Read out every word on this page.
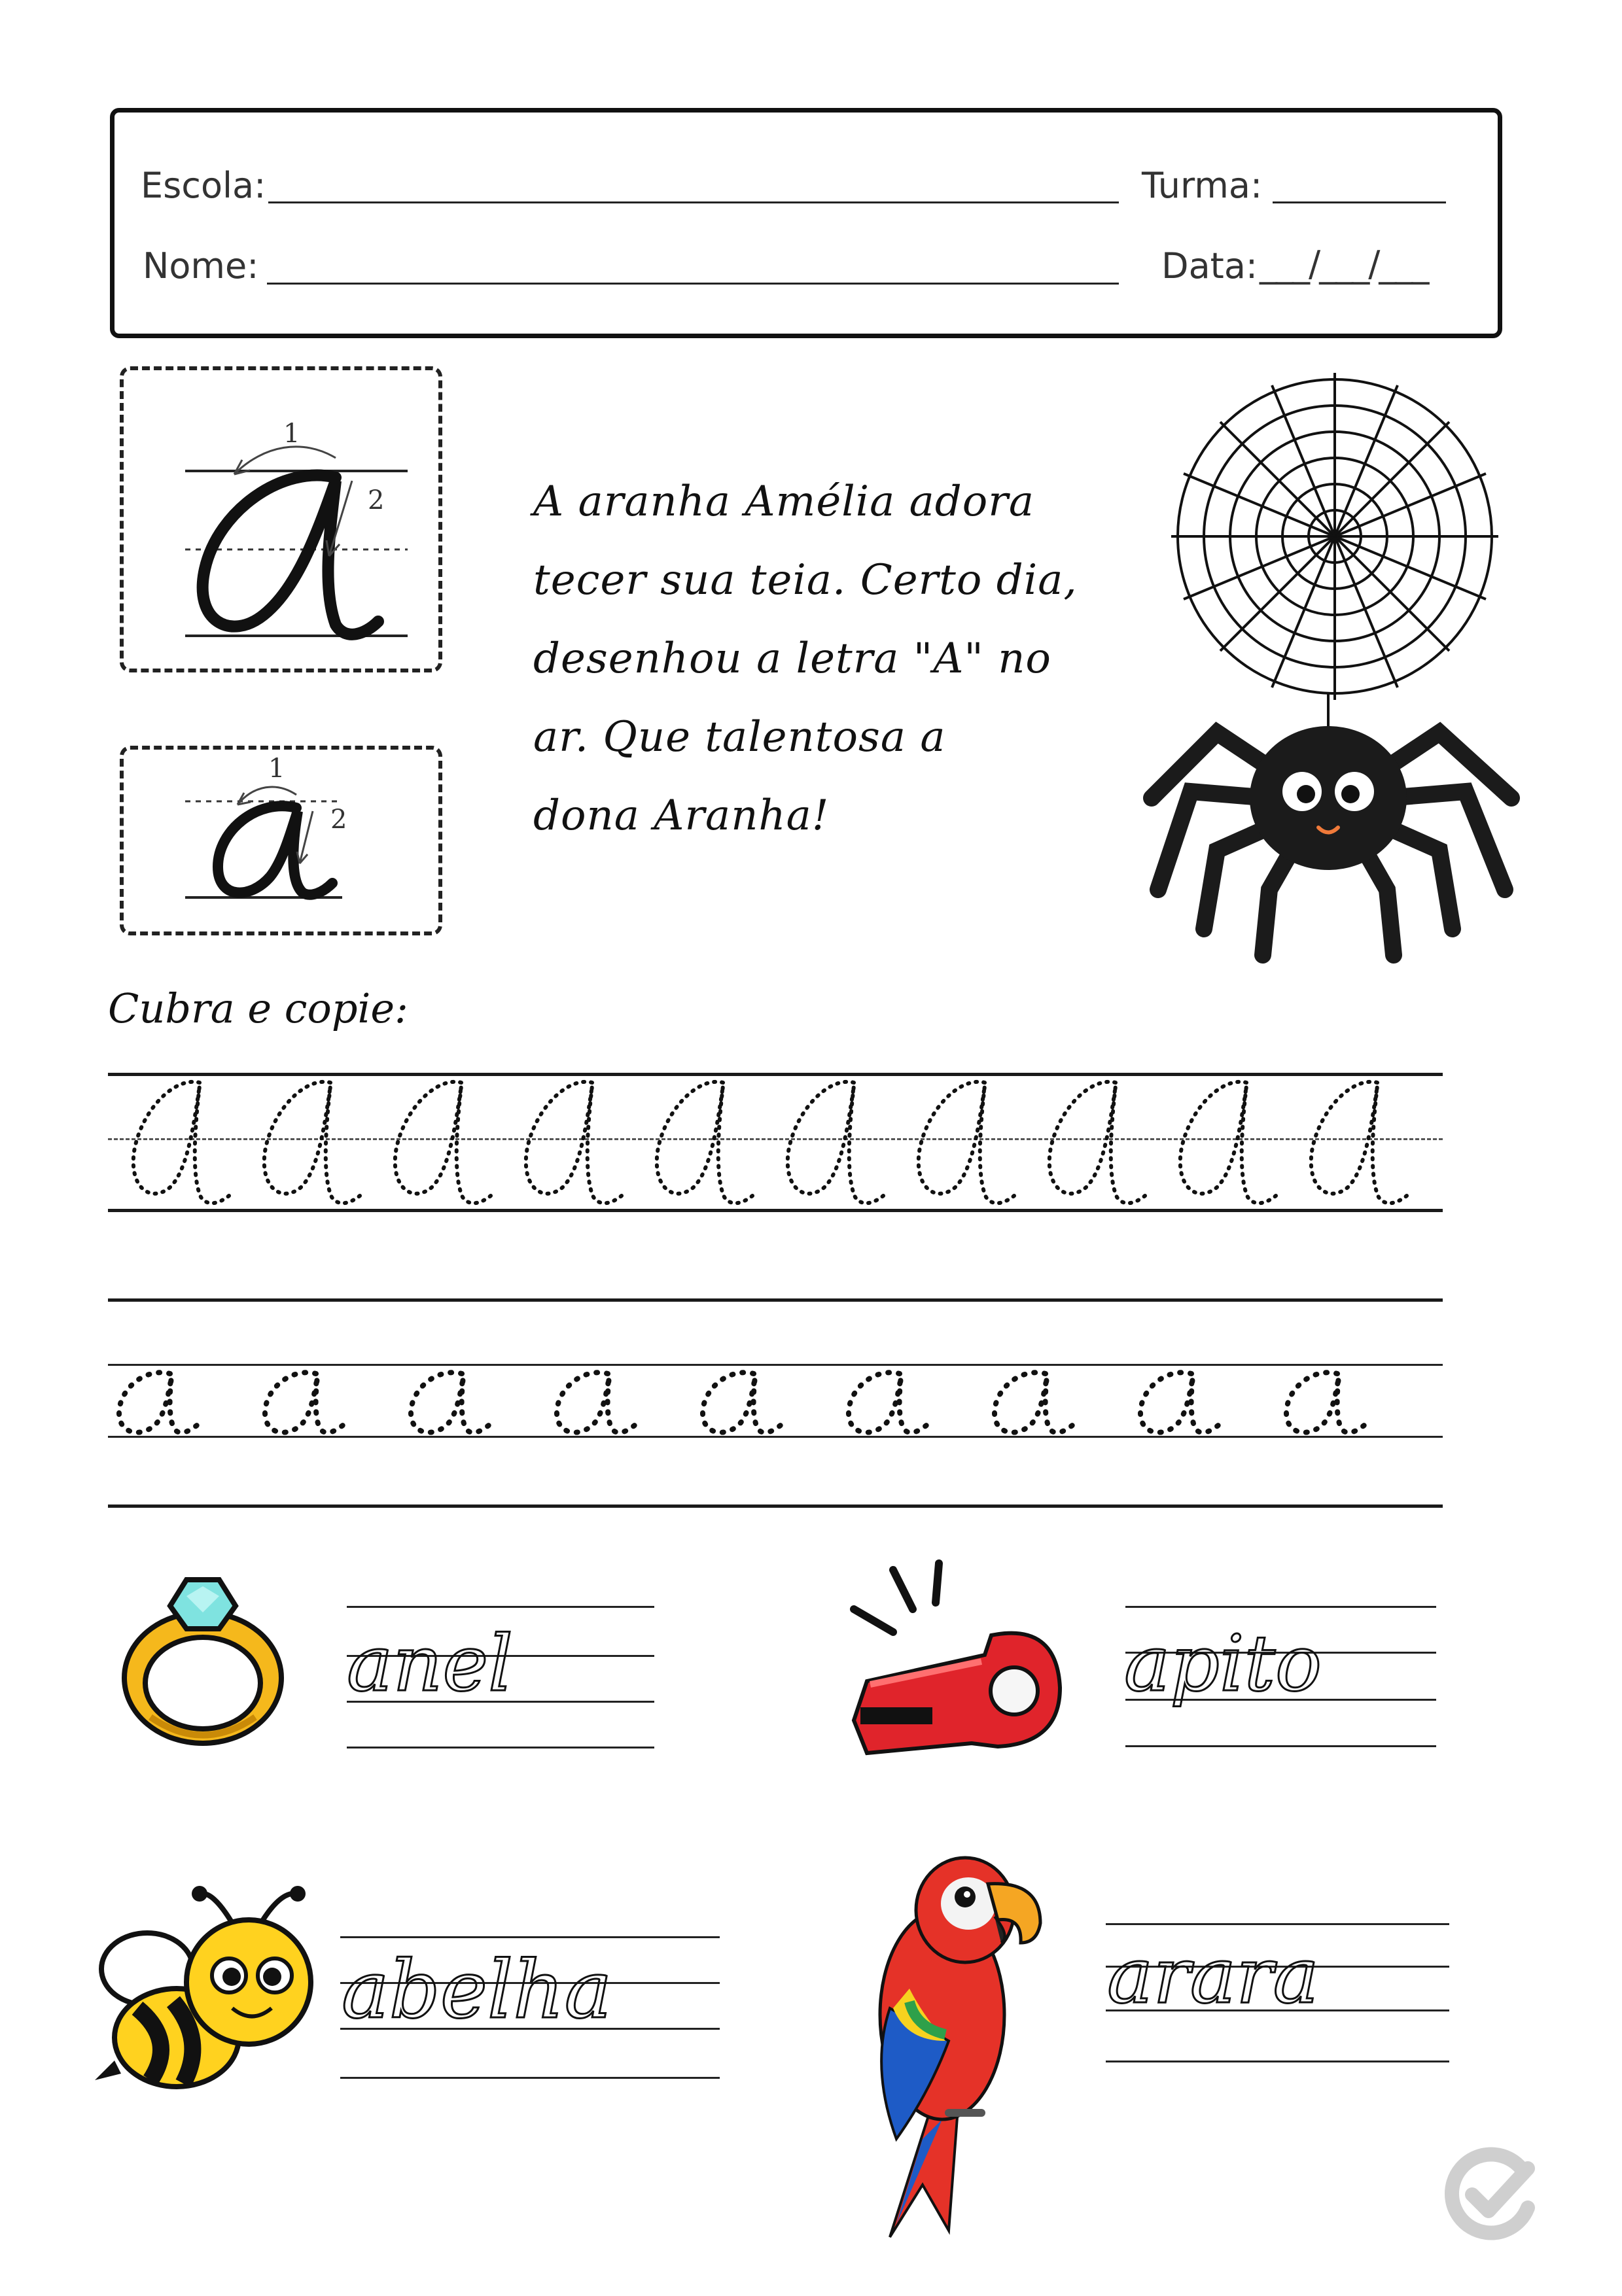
Escola:	Turma:
Nome:	Data: ___/___/___
1
2
1
2
A aranha Amélia adora
tecer sua teia. Certo dia,
desenhou a letra "A" no
ar. Que talentosa a
dona Aranha!
Cubra e copie:
anel	apito
abelha	arara
